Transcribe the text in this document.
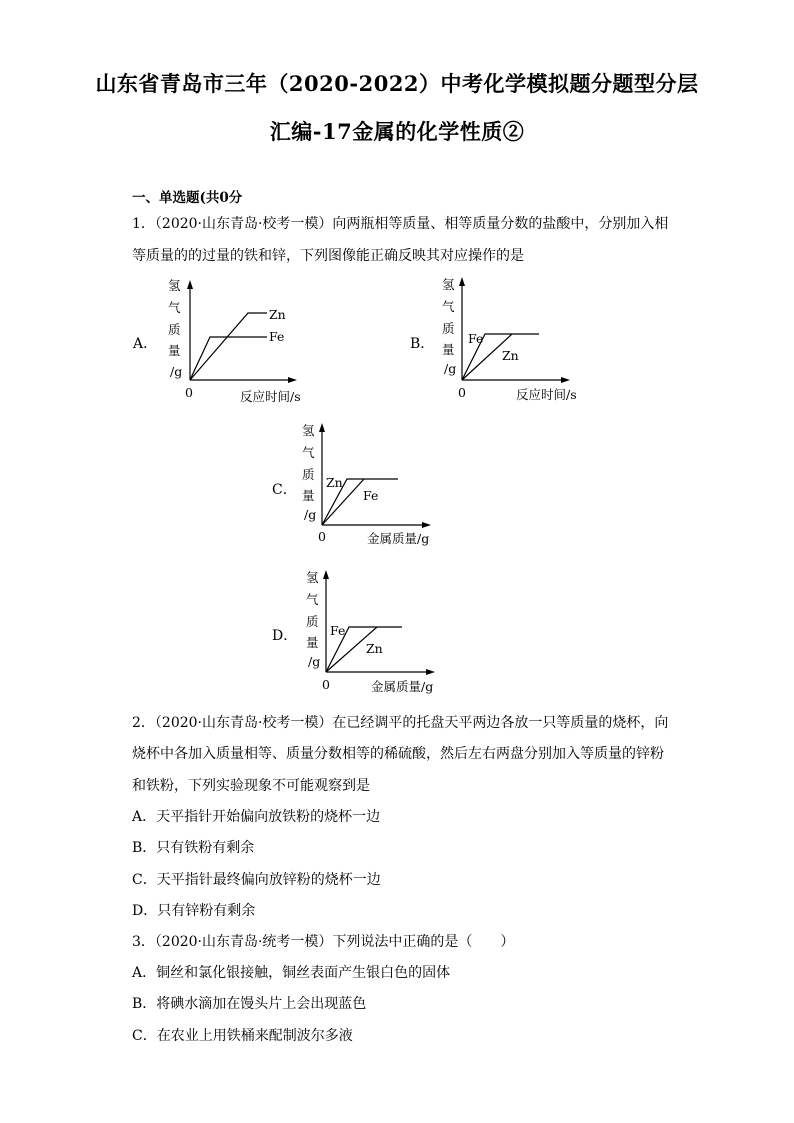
山东省青岛市三年（2020-2022）中考化学模拟题分题型分层
汇编-17金属的化学性质②
一、单选题(共0分
1．（2020·山东青岛·校考一模）向两瓶相等质量、相等质量分数的盐酸中，分别加入相
等质量的的过量的铁和锌，下列图像能正确反映其对应操作的是
A．
氢
气
质
量
/g
0	反应时间/s
Zn
Fe	B．
氢
气
质
量
/g
0	反应时间/s
Fe
Zn
C．
氢
气
质
量
/g
0	金属质量/g
Zn
Fe
D．
氢
气
质
量
/g
0	金属质量/g
Fe
Zn
2．（2020·山东青岛·校考一模）在已经调平的托盘天平两边各放一只等质量的烧杯，向
烧杯中各加入质量相等、质量分数相等的稀硫酸，然后左右两盘分别加入等质量的锌粉
和铁粉，下列实验现象不可能观察到是
A．天平指针开始偏向放铁粉的烧杯一边
B．只有铁粉有剩余
C．天平指针最终偏向放锌粉的烧杯一边
D．只有锌粉有剩余
3．（2020·山东青岛·统考一模）下列说法中正确的是（　　）
A．铜丝和氯化银接触，铜丝表面产生银白色的固体
B．将碘水滴加在馒头片上会出现蓝色
C．在农业上用铁桶来配制波尔多液
